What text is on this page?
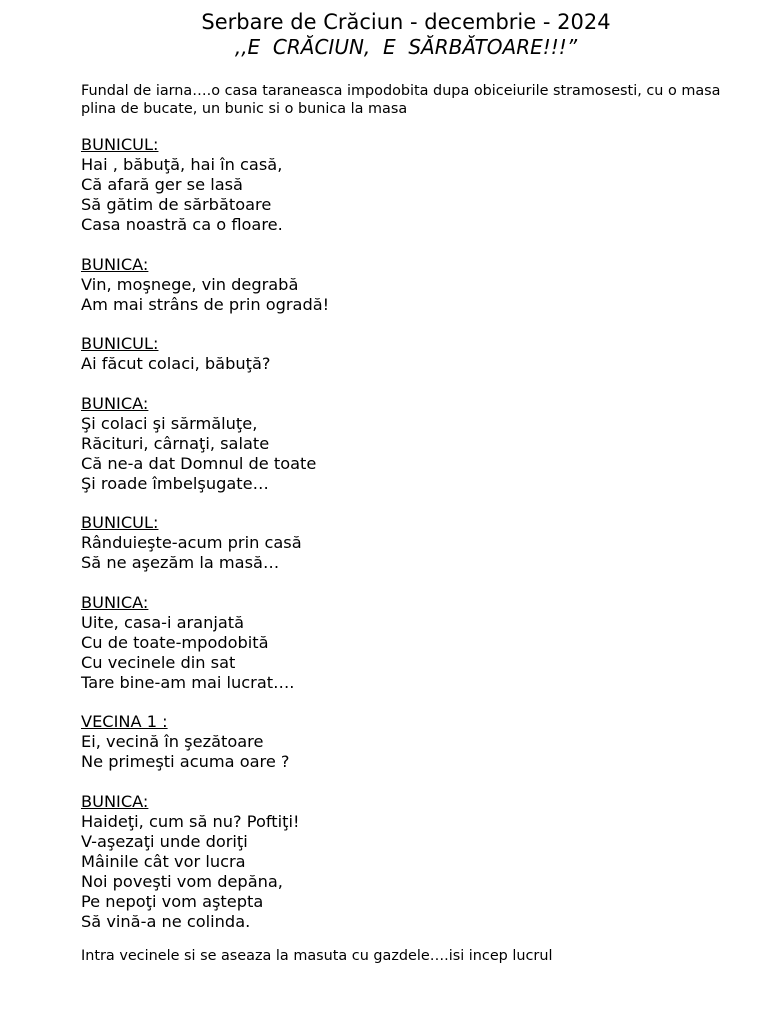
Serbare de Crăciun - decembrie - 2024
,,E  CRĂCIUN,  E  SĂRBĂTOARE!!!”
Fundal de iarna….o casa taraneasca impodobita dupa obiceiurile stramosesti, cu o masa plina de bucate, un bunic si o bunica la masa
BUNICUL:
Hai , băbuţă, hai în casă,
Că afară ger se lasă
Să gătim de sărbătoare
Casa noastră ca o floare.
BUNICA:
Vin, moşnege, vin degrabă
Am mai strâns de prin ogradă!
BUNICUL:
Ai făcut colaci, băbuţă?
BUNICA:
Şi colaci şi sărmăluţe,
Răcituri, cârnaţi, salate
Că ne-a dat Domnul de toate
Şi roade îmbelşugate…
BUNICUL:
Rânduieşte-acum prin casă
Să ne aşezăm la masă…
BUNICA:
Uite, casa-i aranjată
Cu de toate-mpodobită
Cu vecinele din sat
Tare bine-am mai lucrat….
VECINA 1 :
Ei, vecină în şezătoare
Ne primeşti acuma oare ?
BUNICA:
Haideţi, cum să nu? Poftiţi!
V-aşezaţi unde doriţi
Mâinile cât vor lucra
Noi poveşti vom depăna,
Pe nepoţi vom aştepta
Să vină-a ne colinda.
Intra vecinele si se aseaza la masuta cu gazdele….isi incep lucrul
